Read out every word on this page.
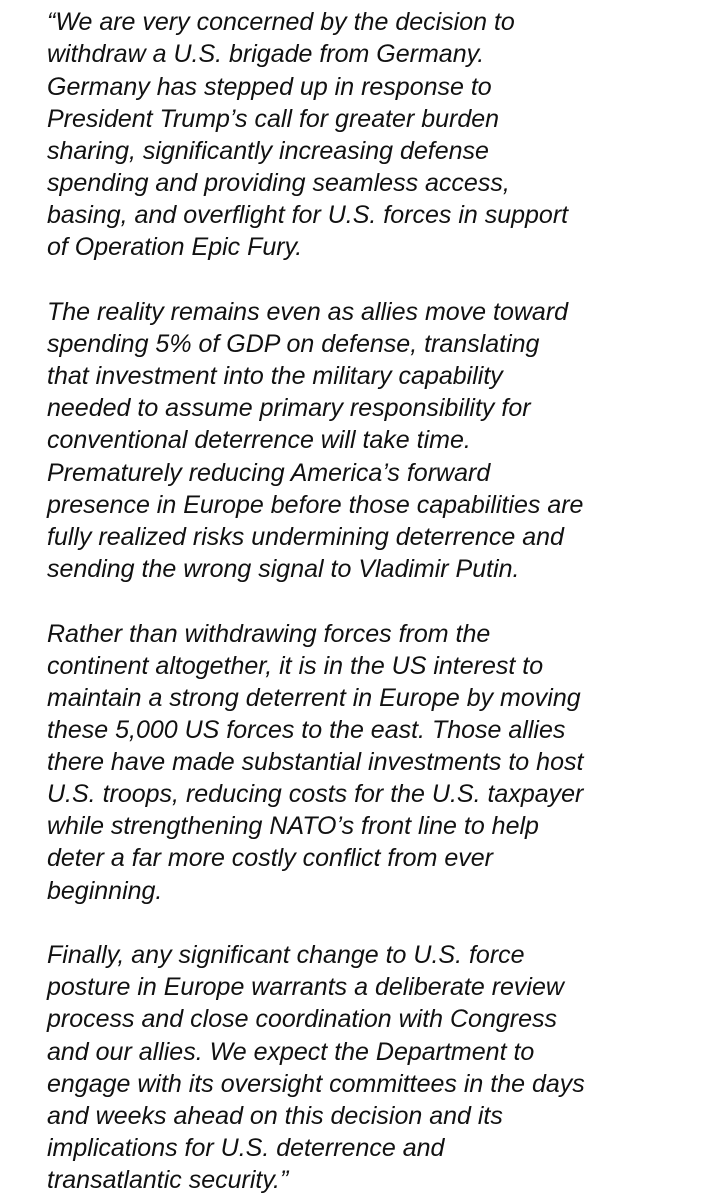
“We are very concerned by the decision to

withdraw a U.S. brigade from Germany.

Germany has stepped up in response to

President Trump’s call for greater burden

sharing, significantly increasing defense

spending and providing seamless access,

basing, and overflight for U.S. forces in support

of Operation Epic Fury.

The reality remains even as allies move toward

spending 5% of GDP on defense, translating

that investment into the military capability

needed to assume primary responsibility for

conventional deterrence will take time.

Prematurely reducing America’s forward

presence in Europe before those capabilities are

fully realized risks undermining deterrence and

sending the wrong signal to Vladimir Putin.

Rather than withdrawing forces from the

continent altogether, it is in the US interest to

maintain a strong deterrent in Europe by moving

these 5,000 US forces to the east. Those allies

there have made substantial investments to host

U.S. troops, reducing costs for the U.S. taxpayer

while strengthening NATO’s front line to help

deter a far more costly conflict from ever

beginning.

Finally, any significant change to U.S. force

posture in Europe warrants a deliberate review

process and close coordination with Congress

and our allies. We expect the Department to

engage with its oversight committees in the days

and weeks ahead on this decision and its

implications for U.S. deterrence and

transatlantic security.”
